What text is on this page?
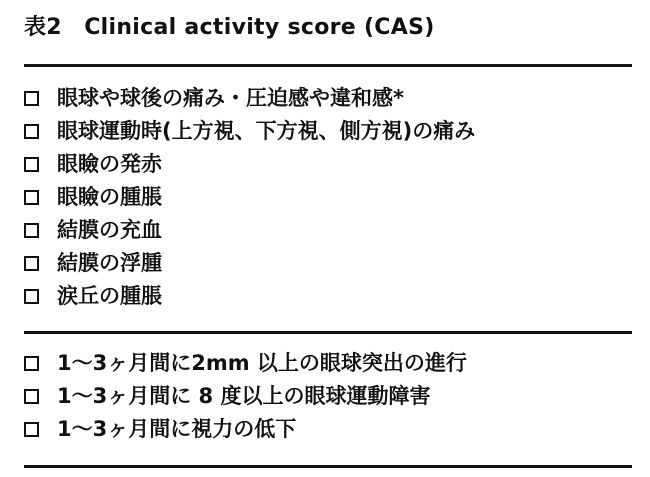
表2　Clinical activity score (CAS)
眼球や球後の痛み・圧迫感や違和感*
眼球運動時(上方視、下方視、側方視)の痛み
眼瞼の発赤
眼瞼の腫脹
結膜の充血
結膜の浮腫
涙丘の腫脹
1～3ヶ月間に2mm 以上の眼球突出の進行
1～3ヶ月間に 8 度以上の眼球運動障害
1～3ヶ月間に視力の低下
